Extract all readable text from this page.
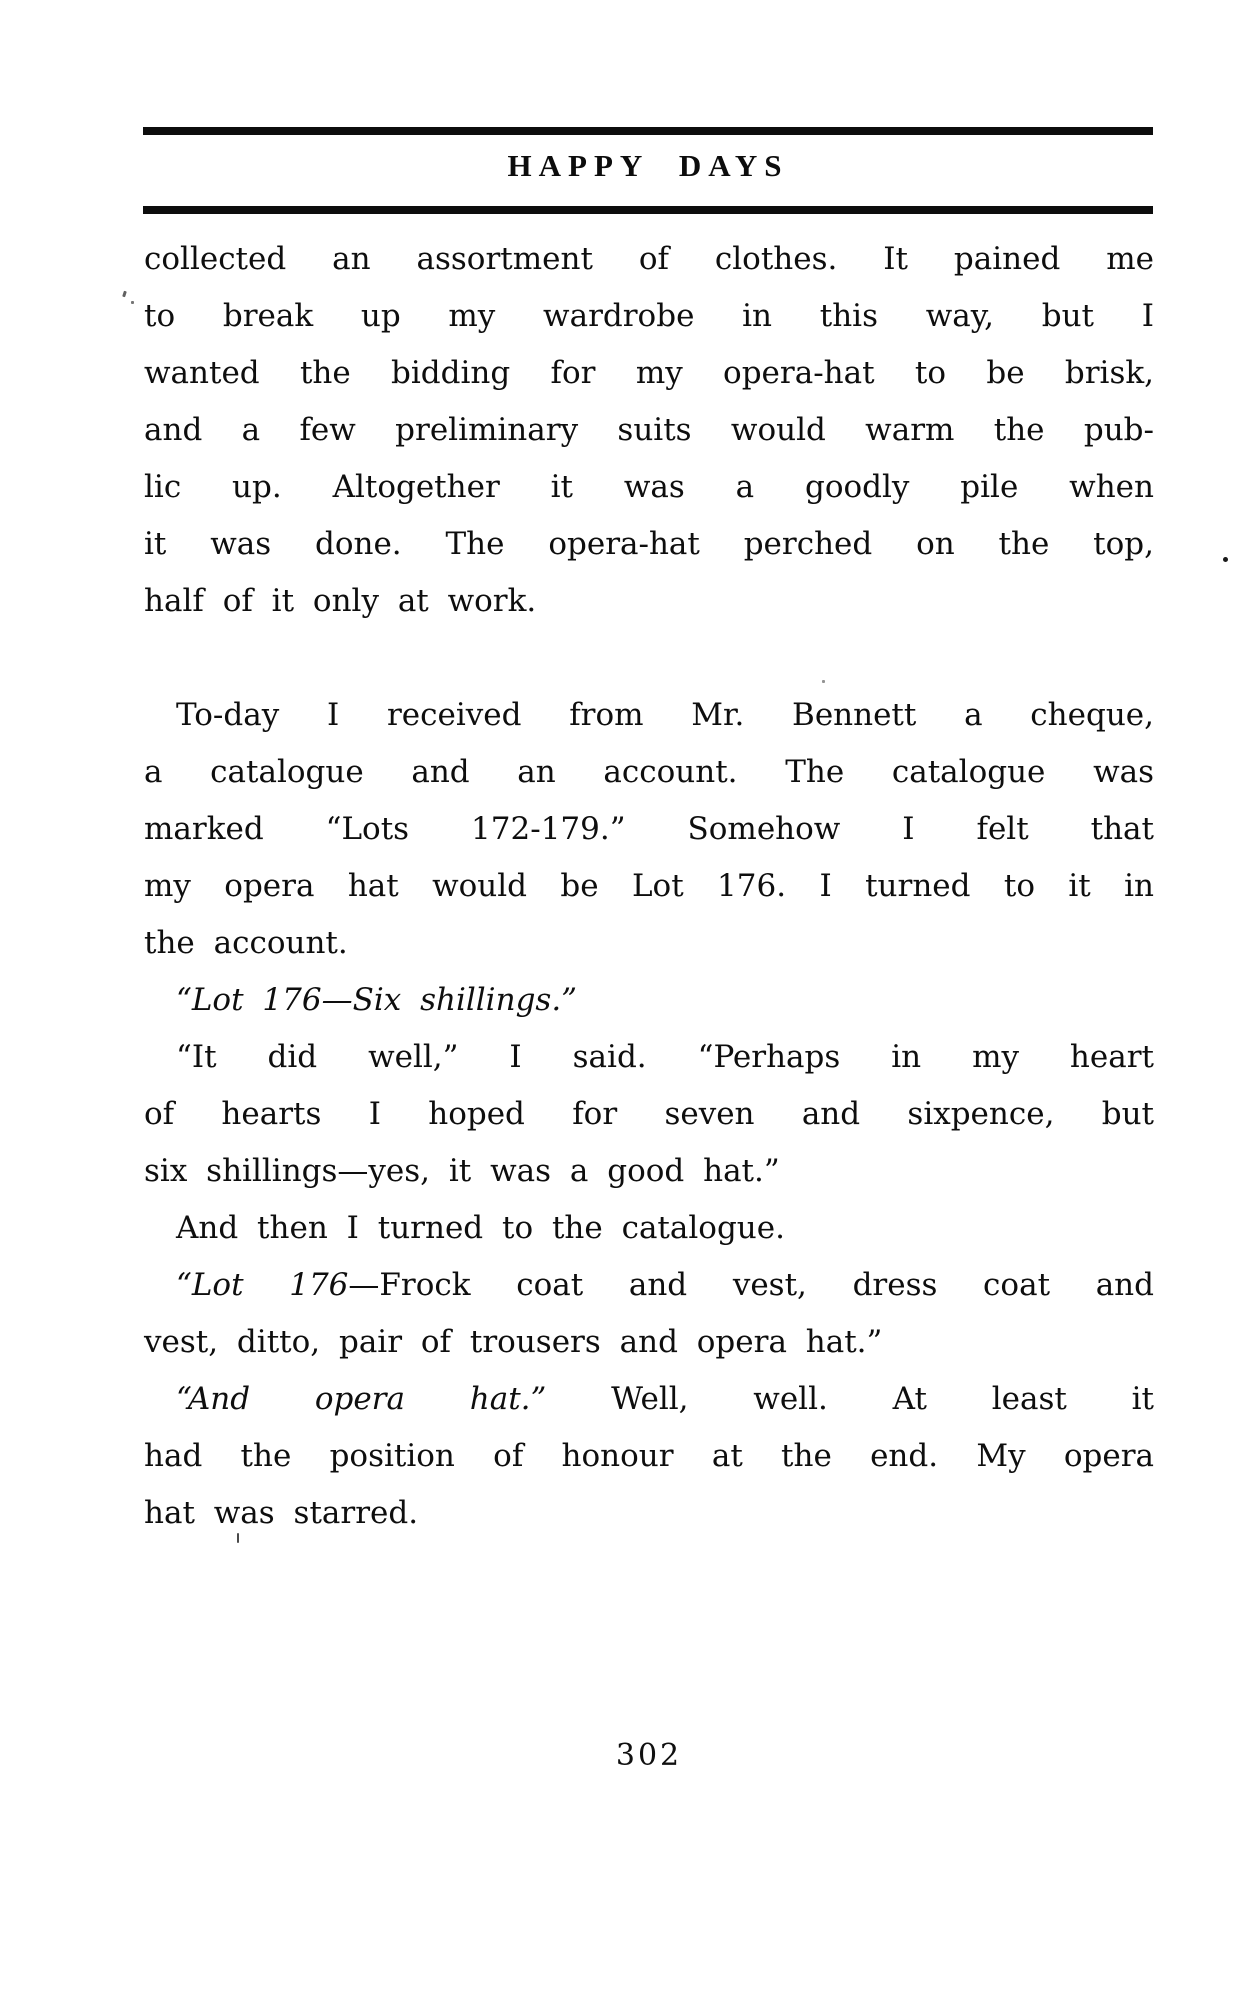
HAPPY DAYS
collected an assortment of clothes. It pained me
to break up my wardrobe in this way, but I
wanted the bidding for my opera-hat to be brisk,
and a few preliminary suits would warm the pub-
lic up. Altogether it was a goodly pile when
it was done. The opera-hat perched on the top,
half of it only at work.
To-day I received from Mr. Bennett a cheque,
a catalogue and an account. The catalogue was
marked “Lots 172-179.” Somehow I felt that
my opera hat would be Lot 176. I turned to it in
the account.
“Lot 176—Six shillings.”
“It did well,” I said. “Perhaps in my heart
of hearts I hoped for seven and sixpence, but
six shillings—yes, it was a good hat.”
And then I turned to the catalogue.
“Lot 176—Frock coat and vest, dress coat and
vest, ditto, pair of trousers and opera hat.”
“And opera hat.” Well, well. At least it
had the position of honour at the end. My opera
hat was starred.
302
